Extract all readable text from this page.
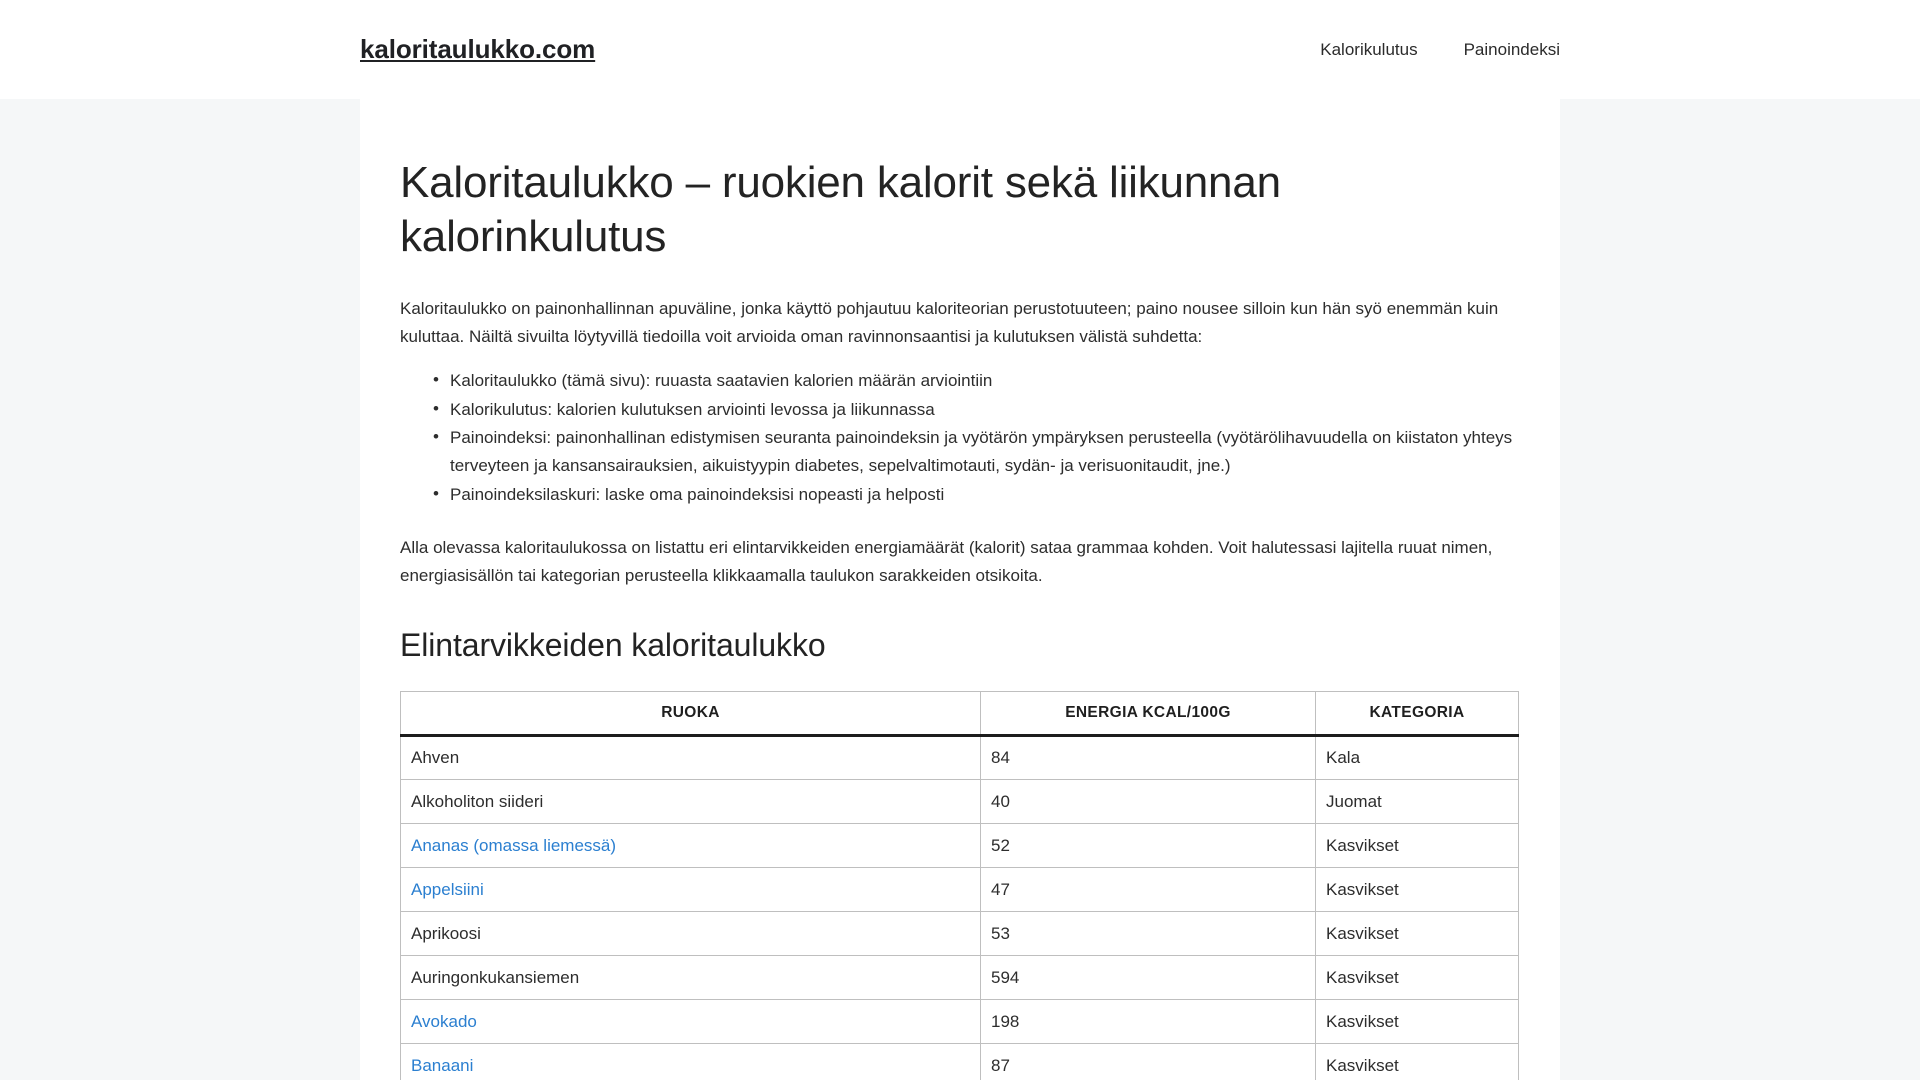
kaloritaulukko.com	Kalorikulutus	Painoindeksi
Kaloritaulukko – ruokien kalorit sekä liikunnan kalorinkulutus

Kaloritaulukko on painonhallinnan apuväline, jonka käyttö pohjautuu kaloriteorian perustotuuteen; paino nousee silloin kun hän syö enemmän kuin kuluttaa. Näiltä sivuilta löytyvillä tiedoilla voit arvioida oman ravinnonsaantisi ja kulutuksen välistä suhdetta:

• Kaloritaulukko (tämä sivu): ruuasta saatavien kalorien määrän arviointiin
• Kalorikulutus: kalorien kulutuksen arviointi levossa ja liikunnassa
• Painoindeksi: painonhallinan edistymisen seuranta painoindeksin ja vyötärön ympäryksen perusteella (vyötärölihavuudella on kiistaton yhteys terveyteen ja kansansairauksien, aikuistyypin diabetes, sepelvaltimotauti, sydän- ja verisuonitaudit, jne.)
• Painoindeksilaskuri: laske oma painoindeksisi nopeasti ja helposti

Alla olevassa kaloritaulukossa on listattu eri elintarvikkeiden energiamäärät (kalorit) sataa grammaa kohden. Voit halutessasi lajitella ruuat nimen, energiasisällön tai kategorian perusteella klikkaamalla taulukon sarakkeiden otsikoita.

Elintarvikkeiden kaloritaulukko
RUOKA	ENERGIA KCAL/100G	KATEGORIA
Ahven	84	Kala
Alkoholiton siideri	40	Juomat
Ananas (omassa liemessä)	52	Kasvikset
Appelsiini	47	Kasvikset
Aprikoosi	53	Kasvikset
Auringonkukansiemen	594	Kasvikset
Avokado	198	Kasvikset
Banaani	87	Kasvikset
